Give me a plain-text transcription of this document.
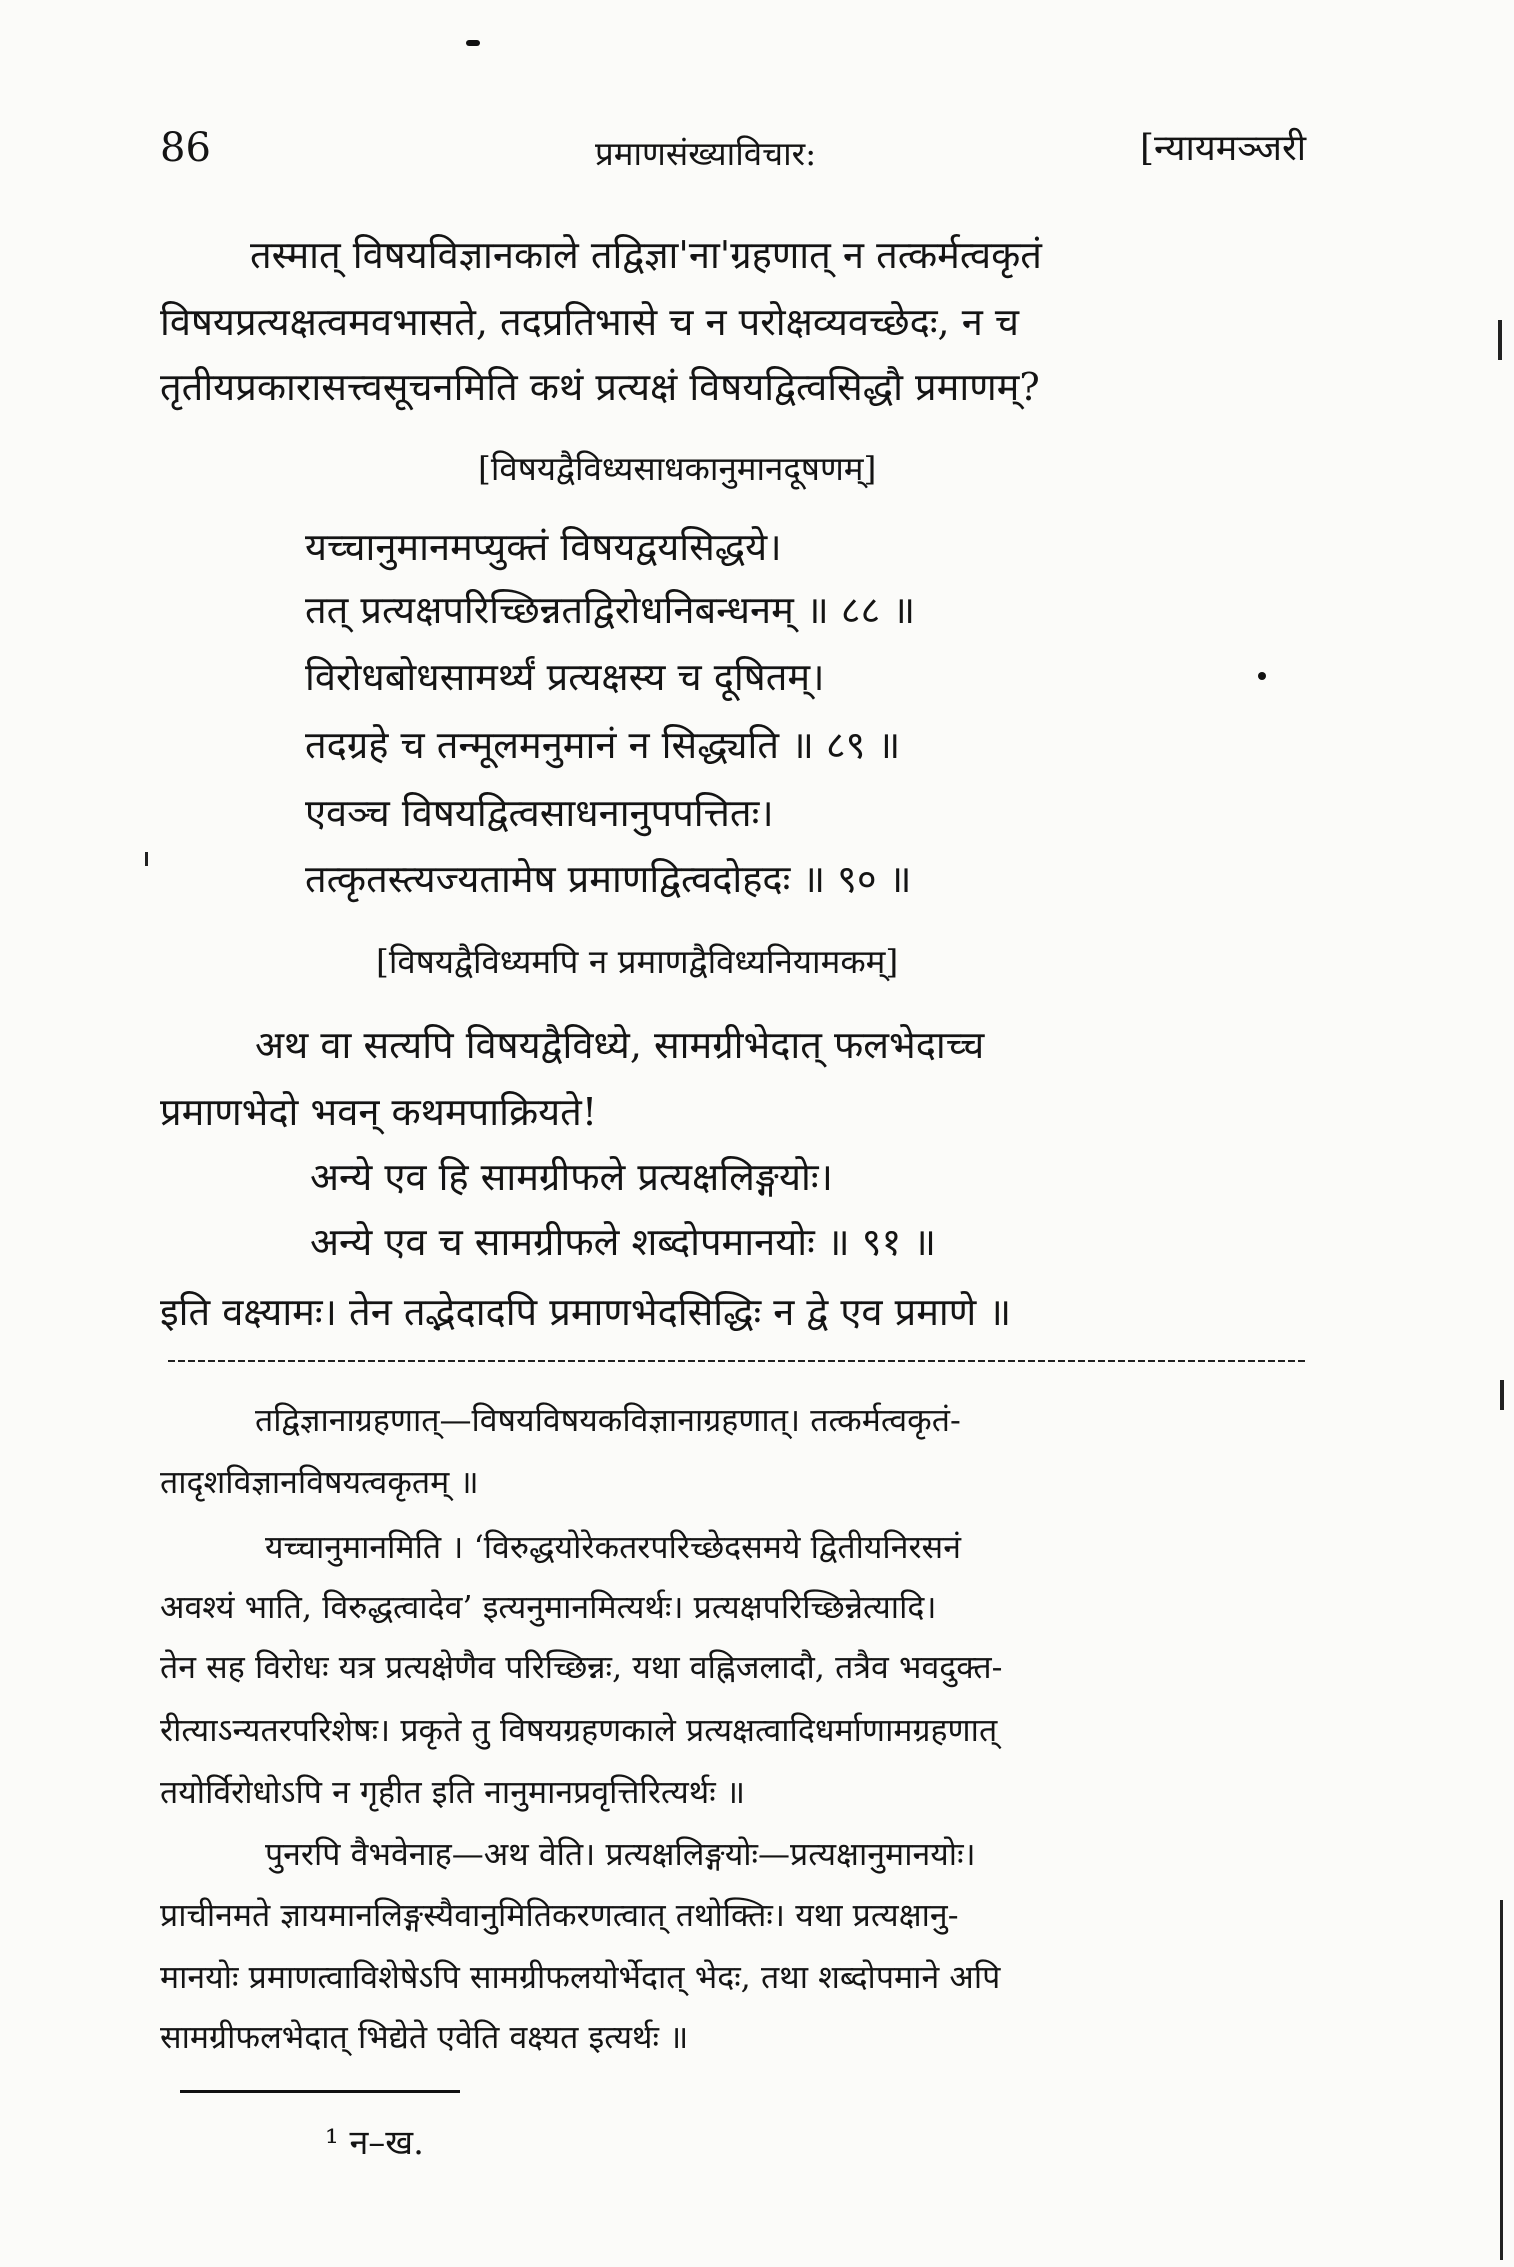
86	प्रमाणसंख्याविचार:	[न्यायमञ्जरी
तस्मात् विषयविज्ञानकाले तद्विज्ञा'ना'ग्रहणात् न तत्कर्मत्वकृतं
विषयप्रत्यक्षत्वमवभासते, तदप्रतिभासे च न परोक्षव्यवच्छेदः, न च
तृतीयप्रकारासत्त्वसूचनमिति कथं प्रत्यक्षं विषयद्वित्वसिद्धौ प्रमाणम्?
[विषयद्वैविध्यसाधकानुमानदूषणम्]
यच्चानुमानमप्युक्तं विषयद्वयसिद्धये।
तत् प्रत्यक्षपरिच्छिन्नतद्विरोधनिबन्धनम् ॥ ८८ ॥
विरोधबोधसामर्थ्यं प्रत्यक्षस्य च दूषितम्।
तदग्रहे च तन्मूलमनुमानं न सिद्ध्यति ॥ ८९ ॥
एवञ्च विषयद्वित्वसाधनानुपपत्तितः।
तत्कृतस्त्यज्यतामेष प्रमाणद्वित्वदोहदः ॥ ९० ॥
[विषयद्वैविध्यमपि न प्रमाणद्वैविध्यनियामकम्]
अथ वा सत्यपि विषयद्वैविध्ये, सामग्रीभेदात् फलभेदाच्च
प्रमाणभेदो भवन् कथमपाक्रियते!
अन्ये एव हि सामग्रीफले प्रत्यक्षलिङ्गयोः।
अन्ये एव च सामग्रीफले शब्दोपमानयोः ॥ ९१ ॥
इति वक्ष्यामः। तेन तद्भेदादपि प्रमाणभेदसिद्धिः न द्वे एव प्रमाणे ॥
तद्विज्ञानाग्रहणात्—विषयविषयकविज्ञानाग्रहणात्। तत्कर्मत्वकृतं-
तादृशविज्ञानविषयत्वकृतम् ॥
यच्चानुमानमिति । ‘विरुद्धयोरेकतरपरिच्छेदसमये द्वितीयनिरसनं
अवश्यं भाति, विरुद्धत्वादेव’ इत्यनुमानमित्यर्थः। प्रत्यक्षपरिच्छिन्नेत्यादि।
तेन सह विरोधः यत्र प्रत्यक्षेणैव परिच्छिन्नः, यथा वह्निजलादौ, तत्रैव भवदुक्त-
रीत्याऽन्यतरपरिशेषः। प्रकृते तु विषयग्रहणकाले प्रत्यक्षत्वादिधर्माणामग्रहणात्
तयोर्विरोधोऽपि न गृहीत इति नानुमानप्रवृत्तिरित्यर्थः ॥
पुनरपि वैभवेनाह—अथ वेति। प्रत्यक्षलिङ्गयोः—प्रत्यक्षानुमानयोः।
प्राचीनमते ज्ञायमानलिङ्गस्यैवानुमितिकरणत्वात् तथोक्तिः। यथा प्रत्यक्षानु-
मानयोः प्रमाणत्वाविशेषेऽपि सामग्रीफलयोर्भेदात् भेदः, तथा शब्दोपमाने अपि
सामग्रीफलभेदात् भिद्येते एवेति वक्ष्यत इत्यर्थः ॥
¹ न–ख.
